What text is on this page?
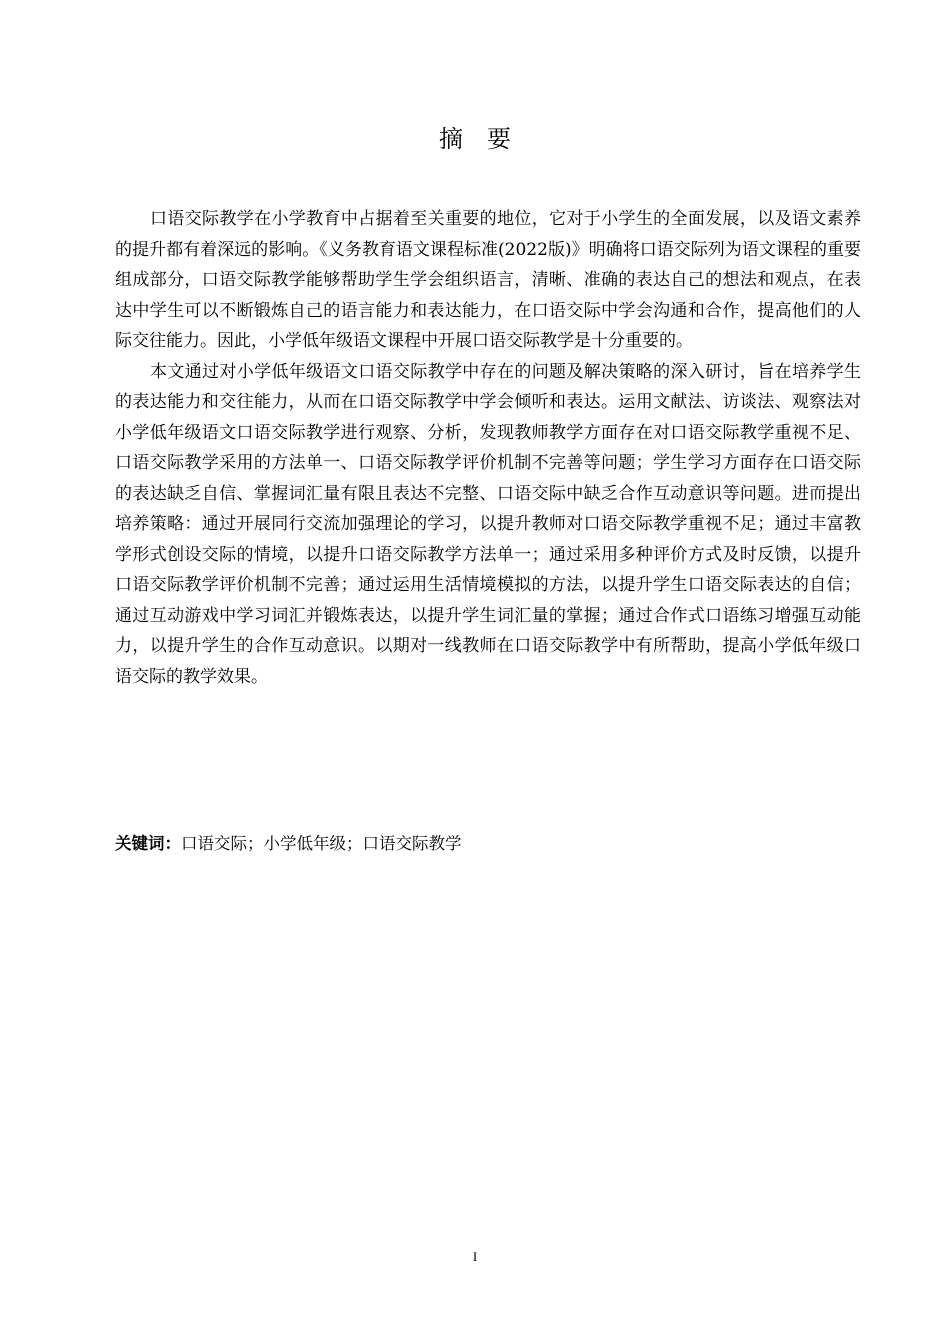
摘要

口语交际教学在小学教育中占据着至关重要的地位，它对于小学生的全面发展，以及语文素养的提升都有着深远的影响。《义务教育语文课程标准(2022版)》明确将口语交际列为语文课程的重要组成部分，口语交际教学能够帮助学生学会组织语言，清晰、准确的表达自己的想法和观点，在表达中学生可以不断锻炼自己的语言能力和表达能力，在口语交际中学会沟通和合作，提高他们的人际交往能力。因此，小学低年级语文课程中开展口语交际教学是十分重要的。

本文通过对小学低年级语文口语交际教学中存在的问题及解决策略的深入研讨，旨在培养学生的表达能力和交往能力，从而在口语交际教学中学会倾听和表达。运用文献法、访谈法、观察法对小学低年级语文口语交际教学进行观察、分析，发现教师教学方面存在对口语交际教学重视不足、口语交际教学采用的方法单一、口语交际教学评价机制不完善等问题；学生学习方面存在口语交际的表达缺乏自信、掌握词汇量有限且表达不完整、口语交际中缺乏合作互动意识等问题。进而提出培养策略：通过开展同行交流加强理论的学习，以提升教师对口语交际教学重视不足；通过丰富教学形式创设交际的情境，以提升口语交际教学方法单一；通过采用多种评价方式及时反馈，以提升口语交际教学评价机制不完善；通过运用生活情境模拟的方法，以提升学生口语交际表达的自信；通过互动游戏中学习词汇并锻炼表达，以提升学生词汇量的掌握；通过合作式口语练习增强互动能力，以提升学生的合作互动意识。以期对一线教师在口语交际教学中有所帮助，提高小学低年级口语交际的教学效果。

关键词：口语交际；小学低年级；口语交际教学
I
